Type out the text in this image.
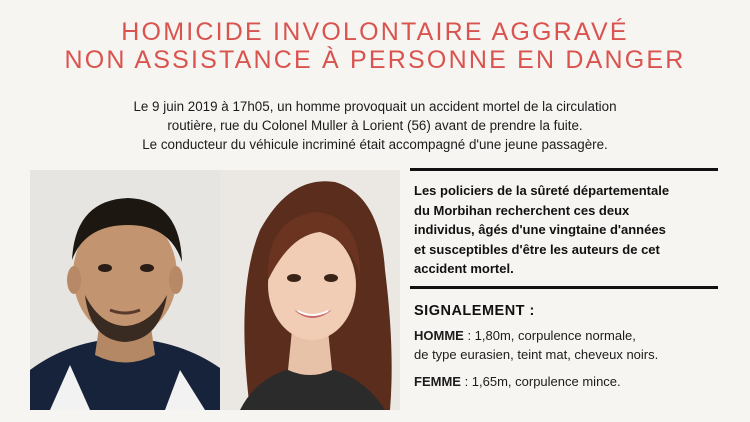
HOMICIDE INVOLONTAIRE AGGRAVÉ
NON ASSISTANCE À PERSONNE EN DANGER
Le 9 juin 2019 à 17h05, un homme provoquait un accident mortel de la circulation
routière, rue du Colonel Muller à Lorient (56) avant de prendre la fuite.
Le conducteur du véhicule incriminé était accompagné d'une jeune passagère.
Les policiers de la sûreté départementale
du Morbihan recherchent ces deux
individus, âgés d'une vingtaine d'années
et susceptibles d'être les auteurs de cet
accident mortel.
SIGNALEMENT :
HOMME : 1,80m, corpulence normale,
de type eurasien, teint mat, cheveux noirs.
FEMME : 1,65m, corpulence mince.
